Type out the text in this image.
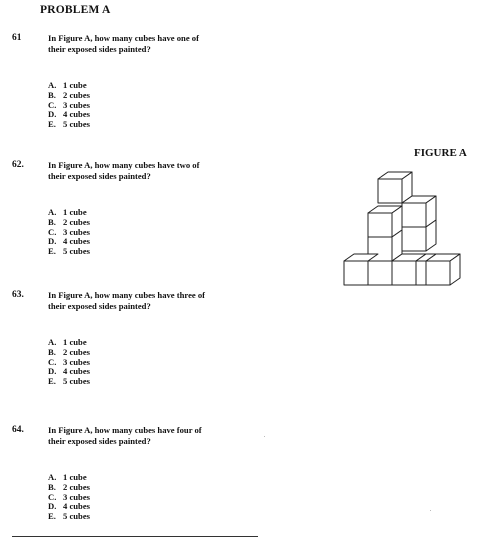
PROBLEM A
61	In Figure A, how many cubes have one of their exposed sides painted?
A. 1 cube
B. 2 cubes
C. 3 cubes
D. 4 cubes
E. 5 cubes
62.	In Figure A, how many cubes have two of their exposed sides painted?
A. 1 cube
B. 2 cubes
C. 3 cubes
D. 4 cubes
E. 5 cubes
63.	In Figure A, how many cubes have three of their exposed sides painted?
A. 1 cube
B. 2 cubes
C. 3 cubes
D. 4 cubes
E. 5 cubes
64.	In Figure A, how many cubes have four of their exposed sides painted?
A. 1 cube
B. 2 cubes
C. 3 cubes
D. 4 cubes
E. 5 cubes
FIGURE A
